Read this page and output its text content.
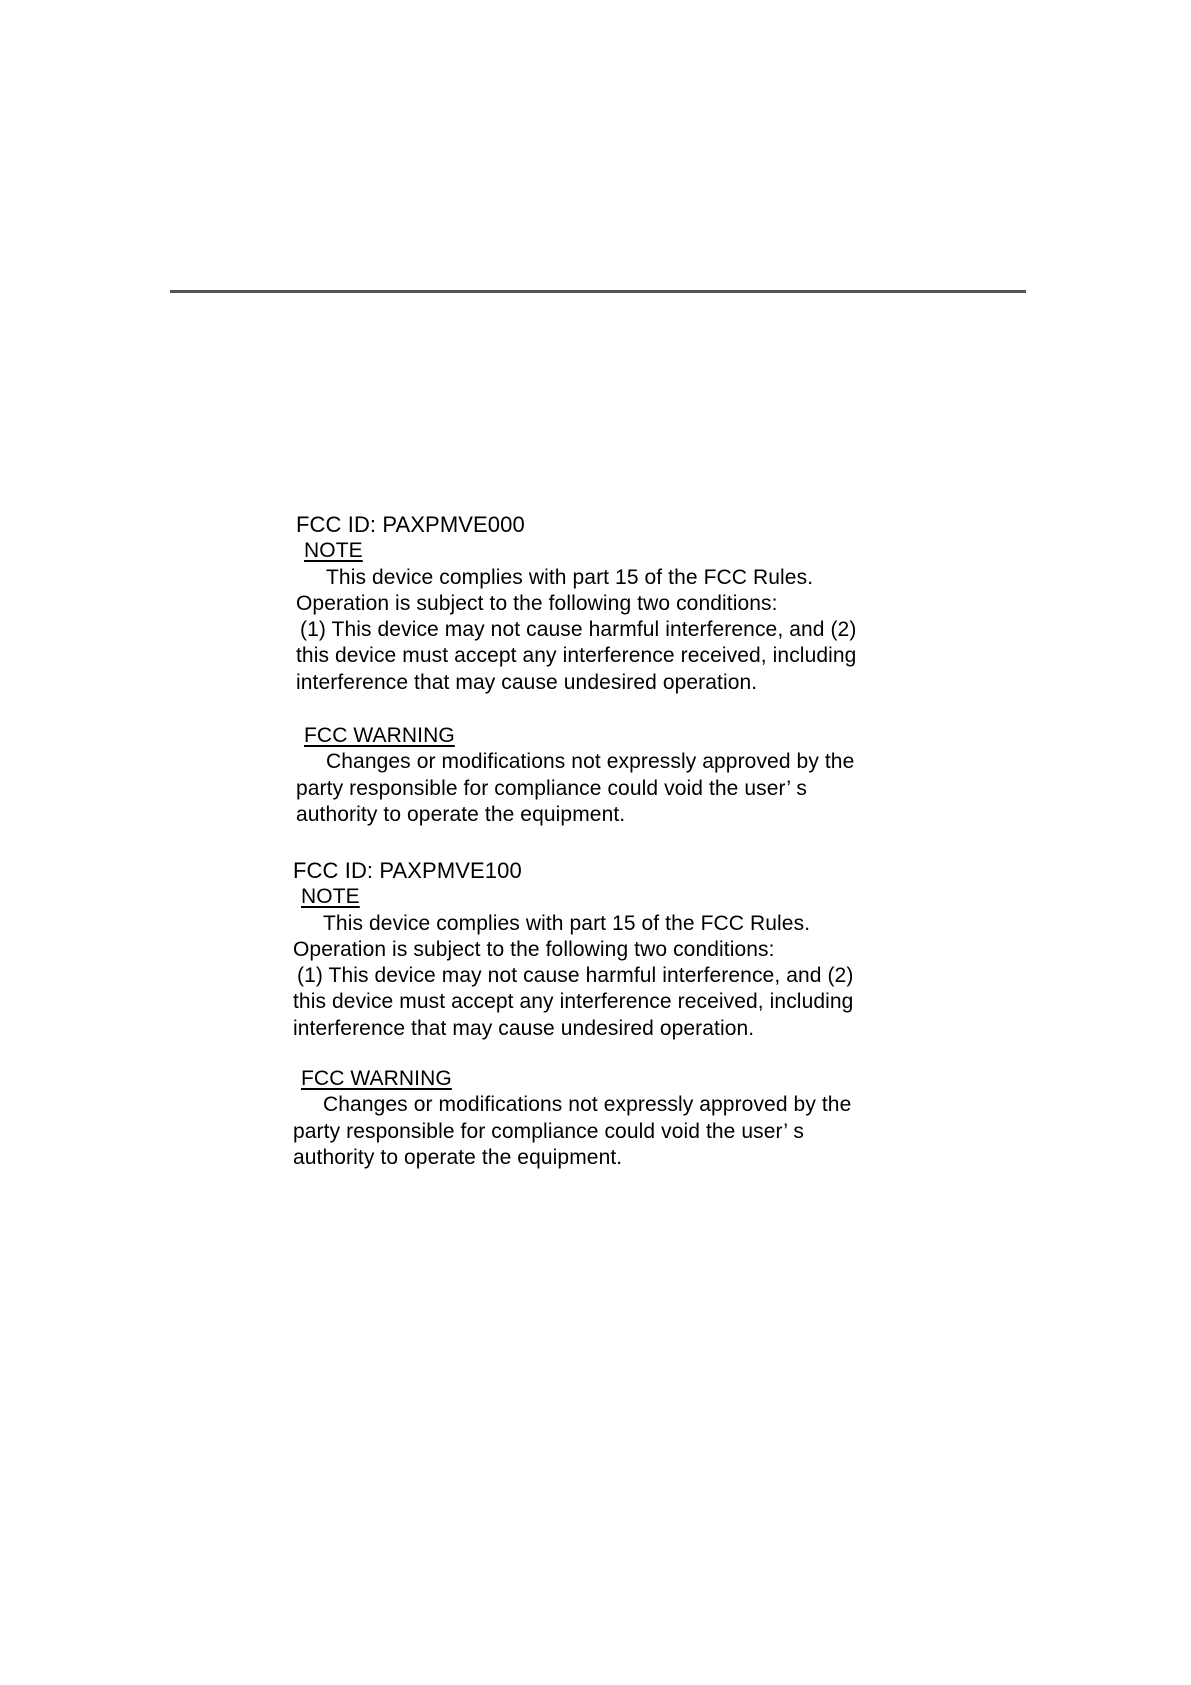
FCC ID: PAXPMVE000
NOTE
This device complies with part 15 of the FCC Rules.
Operation is subject to the following two conditions:
(1) This device may not cause harmful interference, and (2)
this device must accept any interference received, including
interference that may cause undesired operation.
FCC WARNING
Changes or modifications not expressly approved by the
party responsible for compliance could void the user’ s
authority to operate the equipment.
FCC ID: PAXPMVE100
NOTE
This device complies with part 15 of the FCC Rules.
Operation is subject to the following two conditions:
(1) This device may not cause harmful interference, and (2)
this device must accept any interference received, including
interference that may cause undesired operation.
FCC WARNING
Changes or modifications not expressly approved by the
party responsible for compliance could void the user’ s
authority to operate the equipment.
